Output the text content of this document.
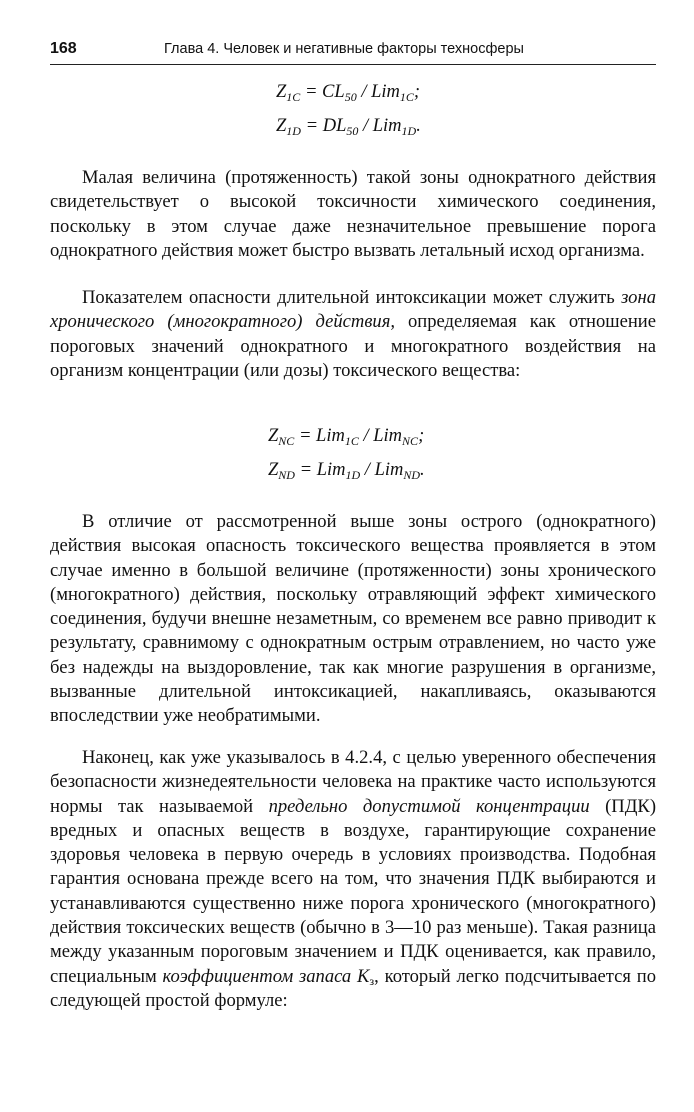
168	Глава 4. Человек и негативные факторы техносферы
$Z_{1C} = CL_{50} / Lim_{1C}$;
$Z_{1D} = DL_{50} / Lim_{1D}$.

Малая величина (протяженность) такой зоны однократного действия свидетельствует о высокой токсичности химического соединения, поскольку в этом случае даже незначительное превышение порога однократного действия может быстро вызвать летальный исход организма.

Показателем опасности длительной интоксикации может служить зона хронического (многократного) действия, определяемая как отношение пороговых значений однократного и многократного воздействия на организм концентрации (или дозы) токсического вещества:

$Z_{NC} = Lim_{1C} / Lim_{NC}$;
$Z_{ND} = Lim_{1D} / Lim_{ND}$.

В отличие от рассмотренной выше зоны острого (однократного) действия высокая опасность токсического вещества проявляется в этом случае именно в большой величине (протяженности) зоны хронического (многократного) действия, поскольку отравляющий эффект химического соединения, будучи внешне незаметным, со временем все равно приводит к результату, сравнимому с однократным острым отравлением, но часто уже без надежды на выздоровление, так как многие разрушения в организме, вызванные длительной интоксикацией, накапливаясь, оказываются впоследствии уже необратимыми.

Наконец, как уже указывалось в 4.2.4, с целью уверенного обеспечения безопасности жизнедеятельности человека на практике часто используются нормы так называемой предельно допустимой концентрации (ПДК) вредных и опасных веществ в воздухе, гарантирующие сохранение здоровья человека в первую очередь в условиях производства. Подобная гарантия основана прежде всего на том, что значения ПДК выбираются и устанавливаются существенно ниже порога хронического (многократного) действия токсических веществ (обычно в 3—10 раз меньше). Такая разница между указанным пороговым значением и ПДК оценивается, как правило, специальным коэффициентом запаса $K_з$, который легко подсчитывается по следующей простой формуле:
